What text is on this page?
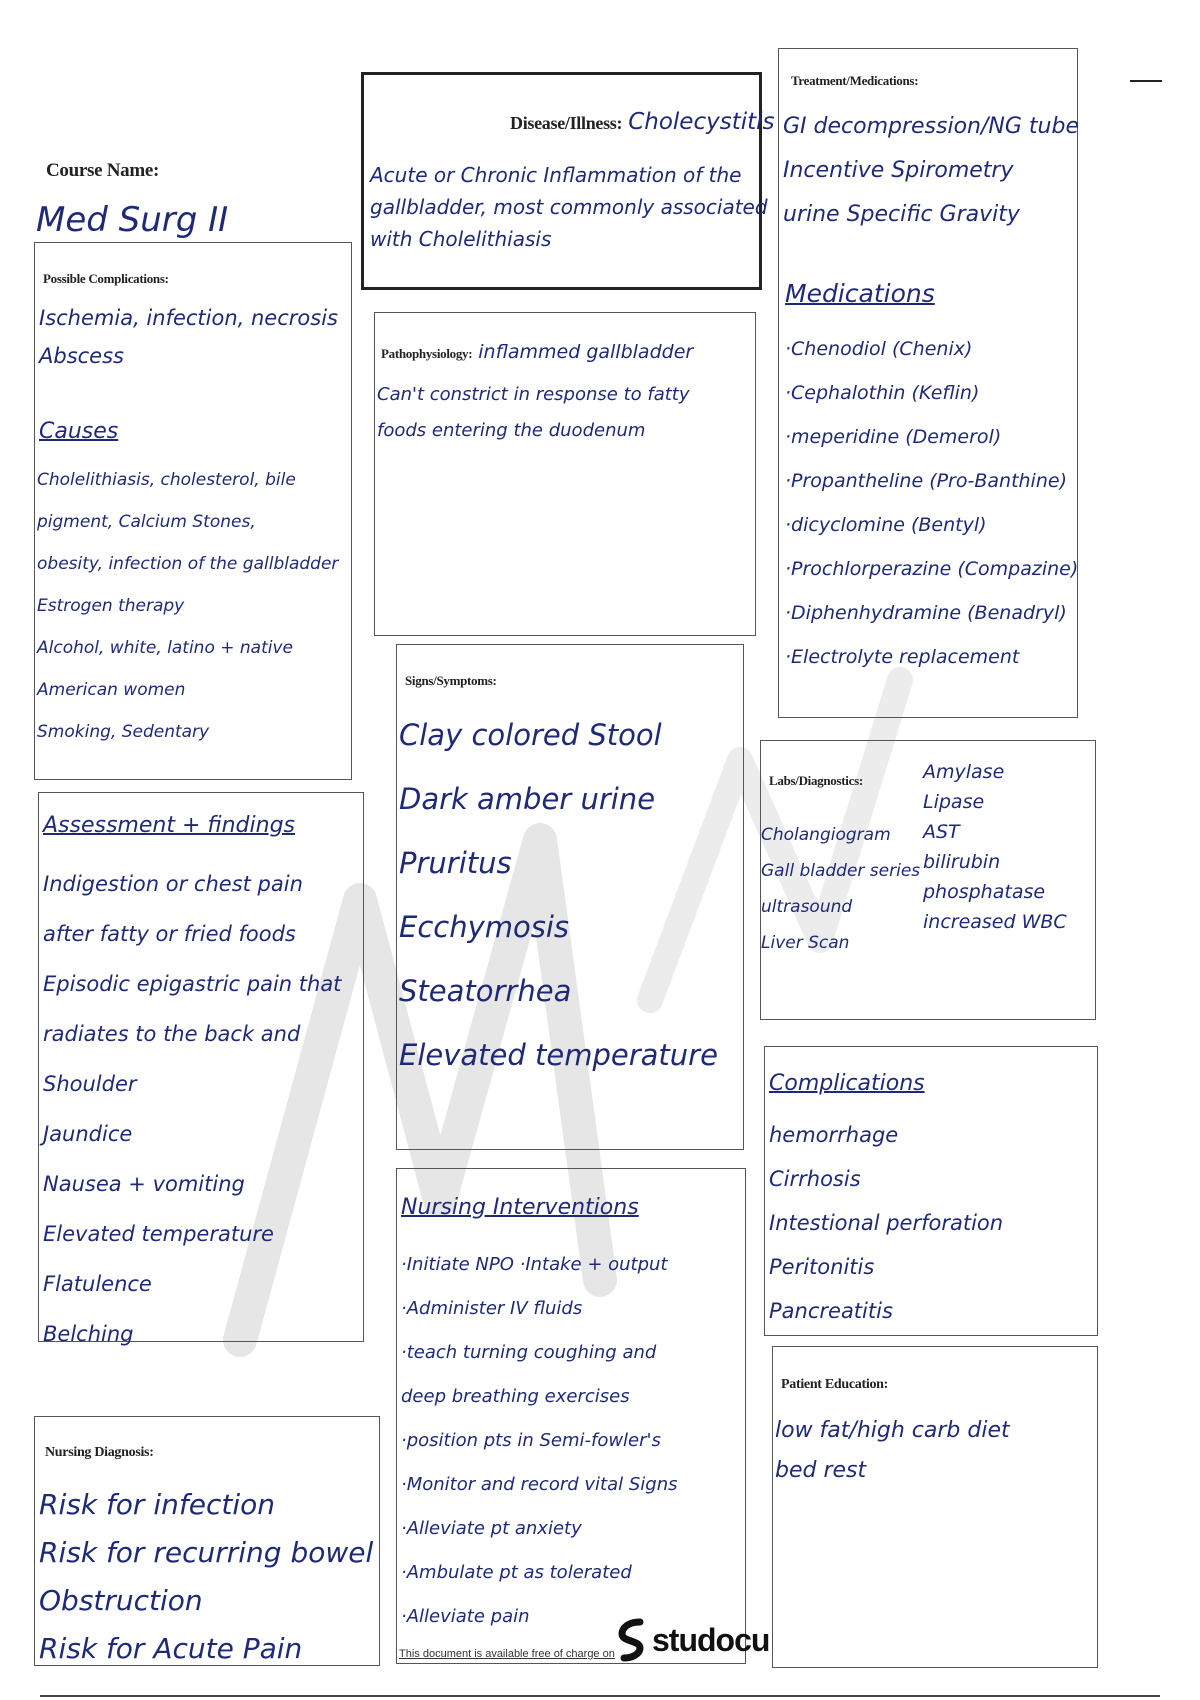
Course Name:
Med Surg II
Disease/Illness: Cholecystitis
Acute or Chronic Inflammation of the
gallbladder, most commonly associated
with Cholelithiasis
Treatment/Medications:
GI decompression/NG tube
Incentive Spirometry
urine Specific Gravity
Medications
·Chenodiol (Chenix)
·Cephalothin (Keflin)
·meperidine (Demerol)
·Propantheline (Pro-Banthine)
·dicyclomine (Bentyl)
·Prochlorperazine (Compazine)
·Diphenhydramine (Benadryl)
·Electrolyte replacement
Possible Complications:
Ischemia, infection, necrosis
Abscess
Causes
Cholelithiasis, cholesterol, bile
pigment, Calcium Stones,
obesity, infection of the gallbladder
Estrogen therapy
Alcohol, white, latino + native
American women
Smoking, Sedentary
Pathophysiology: inflammed gallbladder
Can't constrict in response to fatty
foods entering the duodenum
Signs/Symptoms:
Clay colored Stool
Dark amber urine
Pruritus
Ecchymosis
Steatorrhea
Elevated temperature
Labs/Diagnostics:
Cholangiogram
Gall bladder series
ultrasound
Liver Scan
Amylase
Lipase
AST
bilirubin
phosphatase
increased WBC
Assessment + findings
Indigestion or chest pain
after fatty or fried foods
Episodic epigastric pain that
radiates to the back and
Shoulder
Jaundice
Nausea + vomiting
Elevated temperature
Flatulence
Belching
Complications
hemorrhage
Cirrhosis
Intestional perforation
Peritonitis
Pancreatitis
Nursing Diagnosis:
Risk for infection
Risk for recurring bowel
Obstruction
Risk for Acute Pain
Nursing Interventions
·Initiate NPO ·Intake + output
·Administer IV fluids
·teach turning coughing and
deep breathing exercises
·position pts in Semi-fowler's
·Monitor and record vital Signs
·Alleviate pt anxiety
·Ambulate pt as tolerated
·Alleviate pain
Patient Education:
low fat/high carb diet
bed rest
This document is available free of charge on studocu
